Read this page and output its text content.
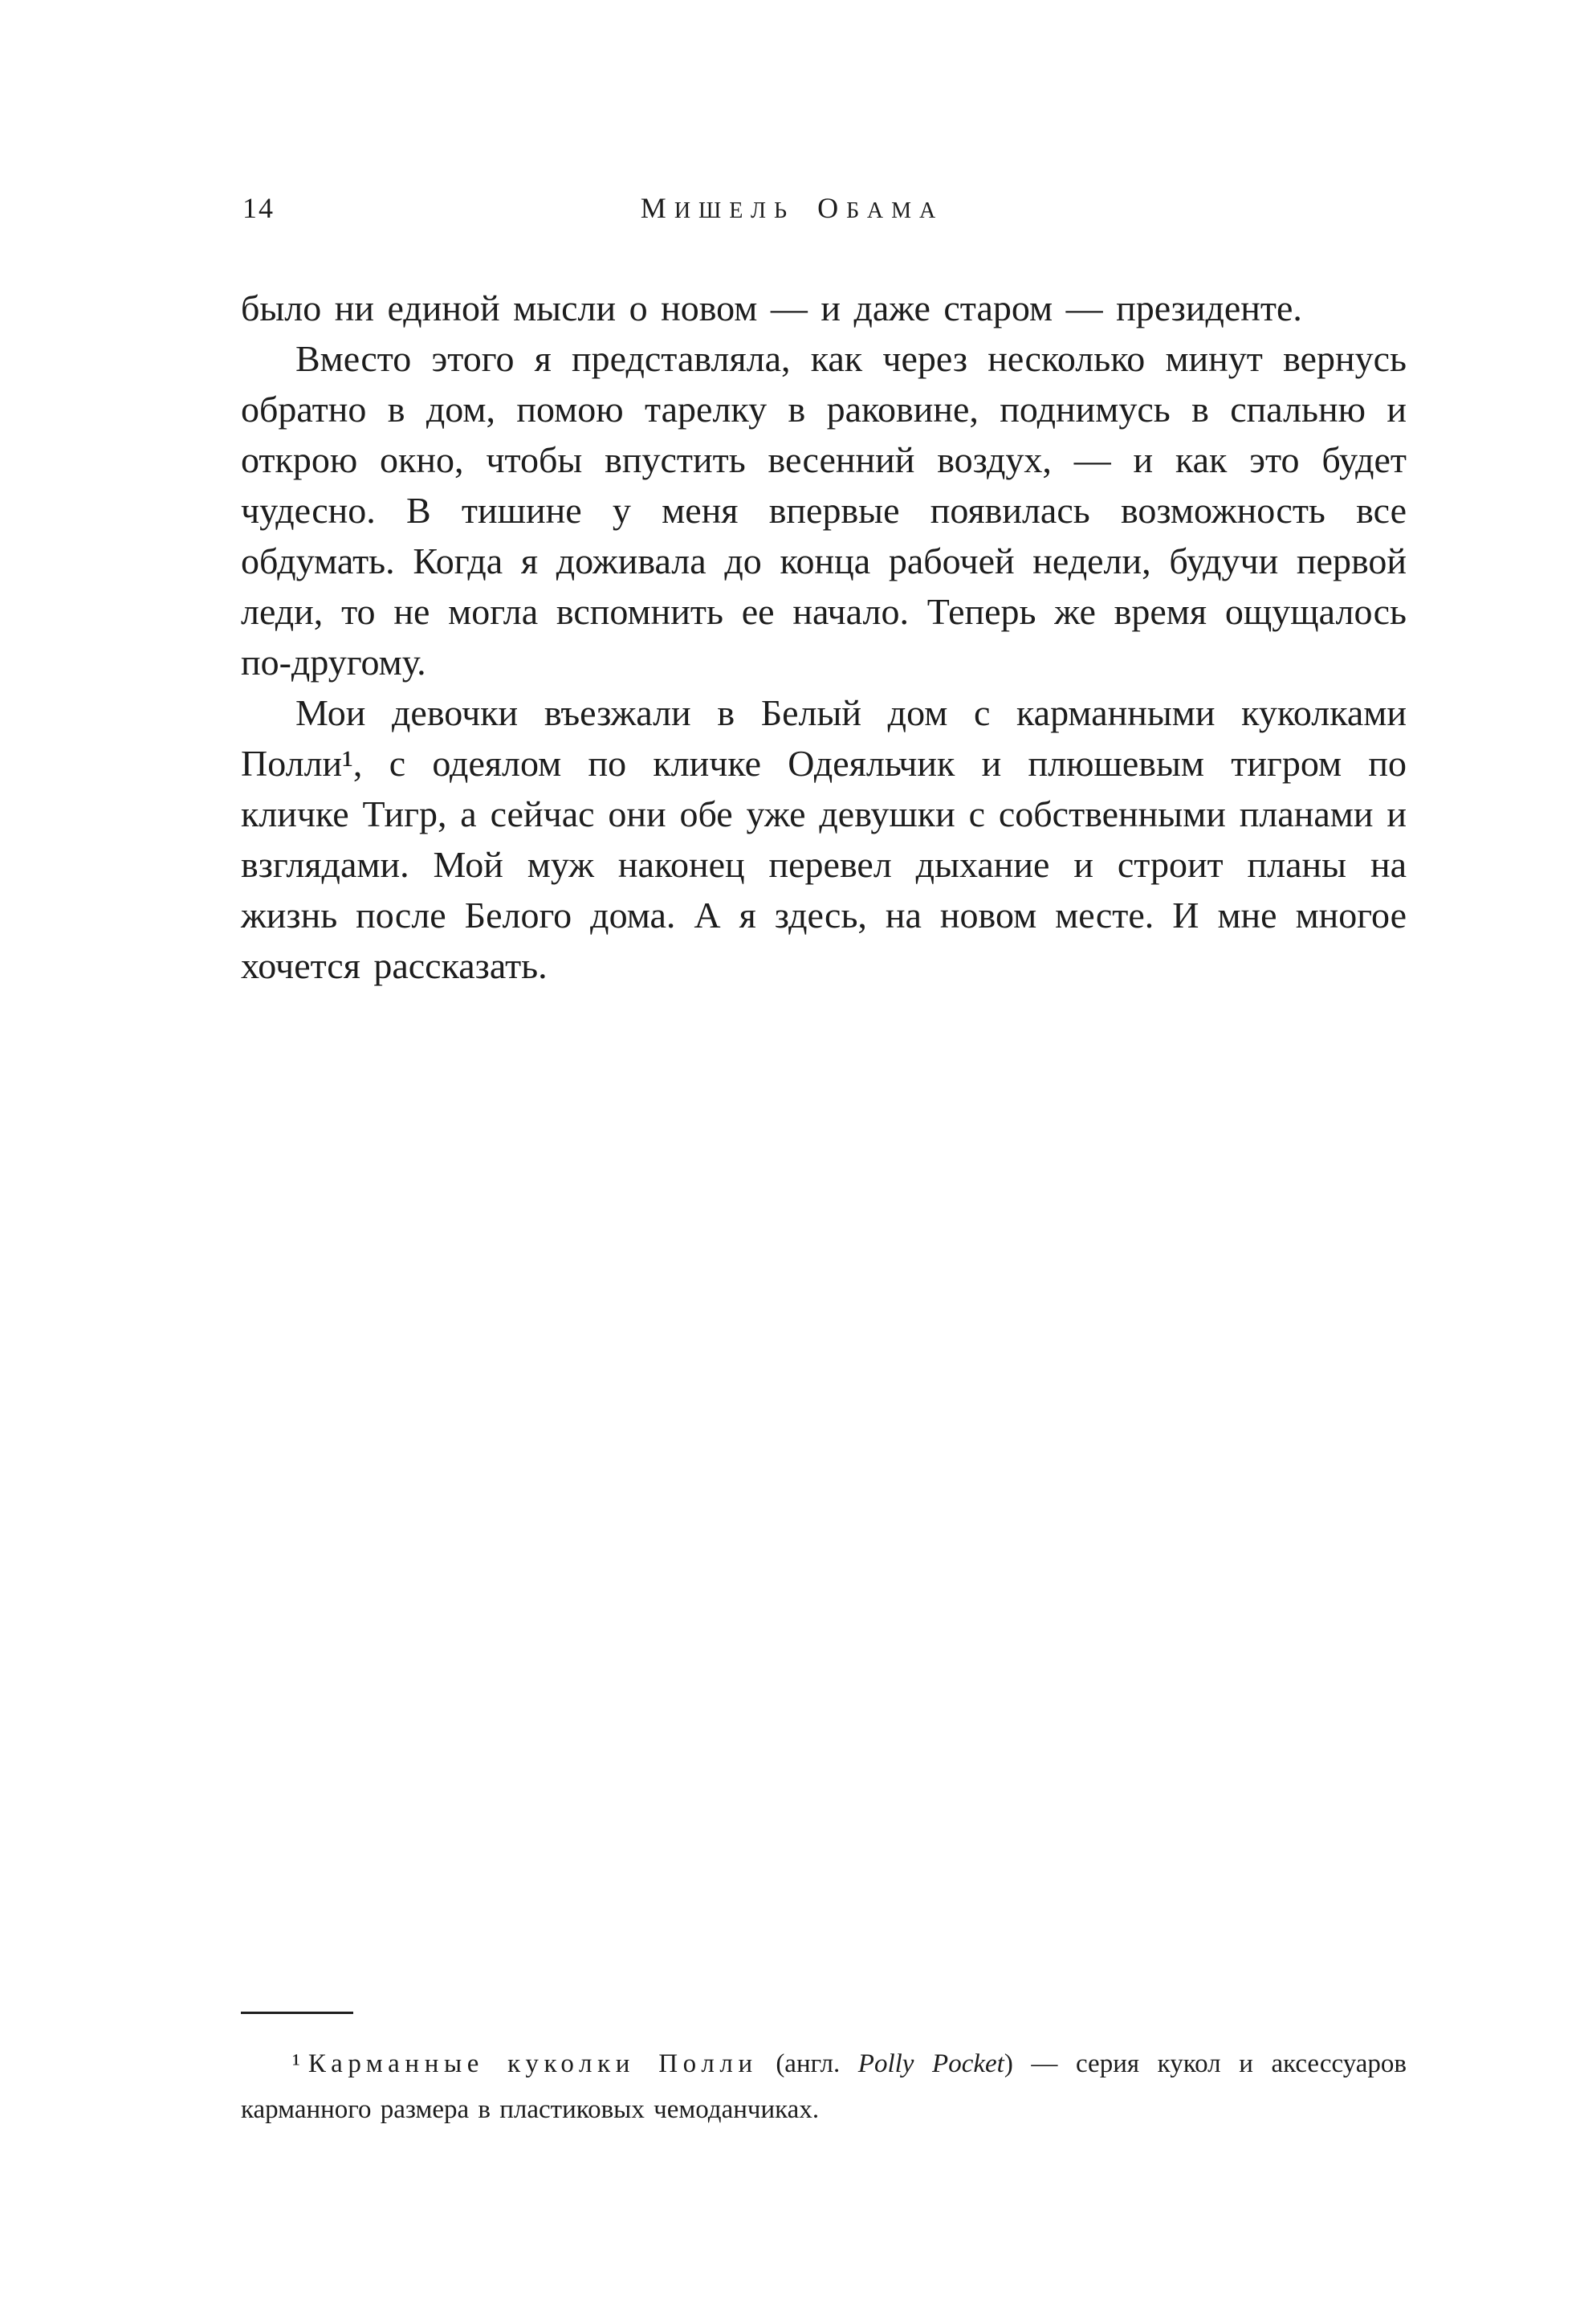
14	МИШЕЛЬ ОБАМА

было ни единой мысли о новом — и даже старом — президенте.

Вместо этого я представляла, как через несколько минут вернусь обратно в дом, помою тарелку в раковине, поднимусь в спальню и открою окно, чтобы впустить весенний воздух, — и как это будет чудесно. В тишине у меня впервые появилась возможность все обдумать. Когда я доживала до конца рабочей недели, будучи первой леди, то не могла вспомнить ее начало. Теперь же время ощущалось по-другому.

Мои девочки въезжали в Белый дом с карманными куколками Полли¹, с одеялом по кличке Одеяльчик и плюшевым тигром по кличке Тигр, а сейчас они обе уже девушки с собственными планами и взглядами. Мой муж наконец перевел дыхание и строит планы на жизнь после Белого дома. А я здесь, на новом месте. И мне многое хочется рассказать.

¹ Карманные куколки Полли (англ. Polly Pocket) — серия кукол и аксессуаров карманного размера в пластиковых чемоданчиках.
